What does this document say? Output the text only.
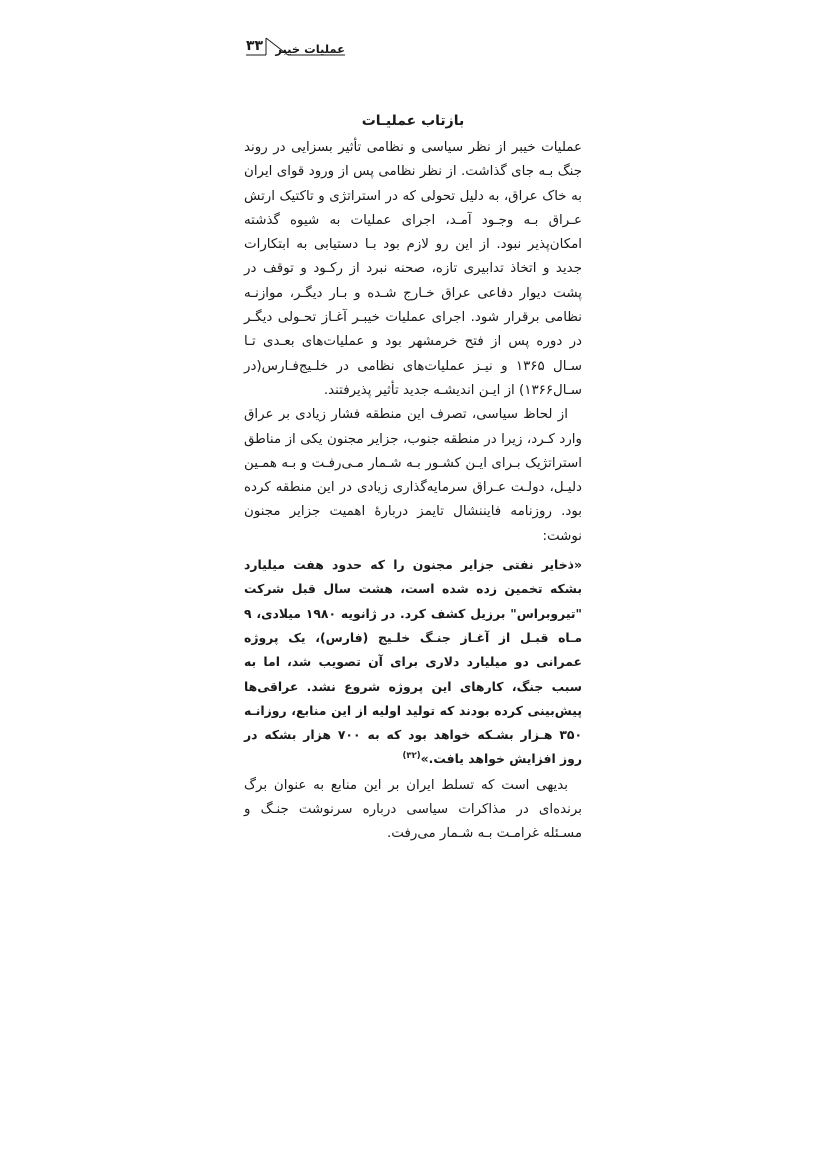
۳۳ عملیات خیبر
بازتاب عملیـات

عملیات خیبر از نظر سیاسی و نظامی تأثیر بسزایی در روند جنگ بـه جای گذاشت. از نظر نظامی پس از ورود قوای ایران به خاک عراق، به دلیل تحولی که در استراتژی و تاکتیک ارتش عـراق بـه وجـود آمـد، اجرای عملیات به شیوه گذشته امکان‌پذیر نبود. از این رو لازم بود بـا دستیابی به ابتکارات جدید و اتخاذ تدابیری تازه، صحنه نبرد از رکـود و توقف در پشت دیوار دفاعی عراق خـارج شـده و بـار دیگـر، موازنـه نظامی برقرار شود. اجرای عملیات خیبـر آغـاز تحـولی دیگـر در دوره پس از فتح خرمشهر بود و عملیات‌های بعـدی تـا سـال ۱۳۶۵ و نیـز عملیات‌های نظامی در خلـیج‌فـارس(در سـال۱۳۶۶) از ایـن اندیشـه جدید تأثیر پذیرفتند.

از لحاظ سیاسی، تصرف این منطقه فشار زیادی بر عراق وارد کـرد، زیرا در منطقه جنوب، جزایر مجنون یکی از مناطق استراتژیک بـرای ایـن کشـور بـه شـمار مـی‌رفـت و بـه همـین دلیـل، دولـت عـراق سرمایه‌گذاری زیادی در این منطقه کرده بود. روزنامه فایننشال تایمز دربارهٔ اهمیت جزایر مجنون نوشت:

«ذخایر نفتی جزایر مجنون را که حدود هفت میلیارد بشکه تخمین زده شده است، هشت سال قبل شرکت "تیروبراس" برزیل کشف کرد. در ژانویه ۱۹۸۰ میلادی، ۹ مـاه قبـل از آغـاز جنـگ خلـیج (فارس)، یک پروژه عمرانی دو میلیارد دلاری برای آن تصویب شد، اما به سبب جنگ، کارهای این پروژه شروع نشد. عراقی‌ها پیش‌بینی کرده بودند که تولید اولیه از این منابع، روزانـه ۳۵۰ هـزار بشـکه خواهد بود که به ۷۰۰ هزار بشکه در روز افزایش خواهد یافت.»$^{(۳۲)}$

بدیهی است که تسلط ایران بر این منابع به عنوان برگ برنده‌ای در مذاکرات سیاسی درباره سرنوشت جنـگ و مسـئله غرامـت بـه شـمار می‌رفت.
